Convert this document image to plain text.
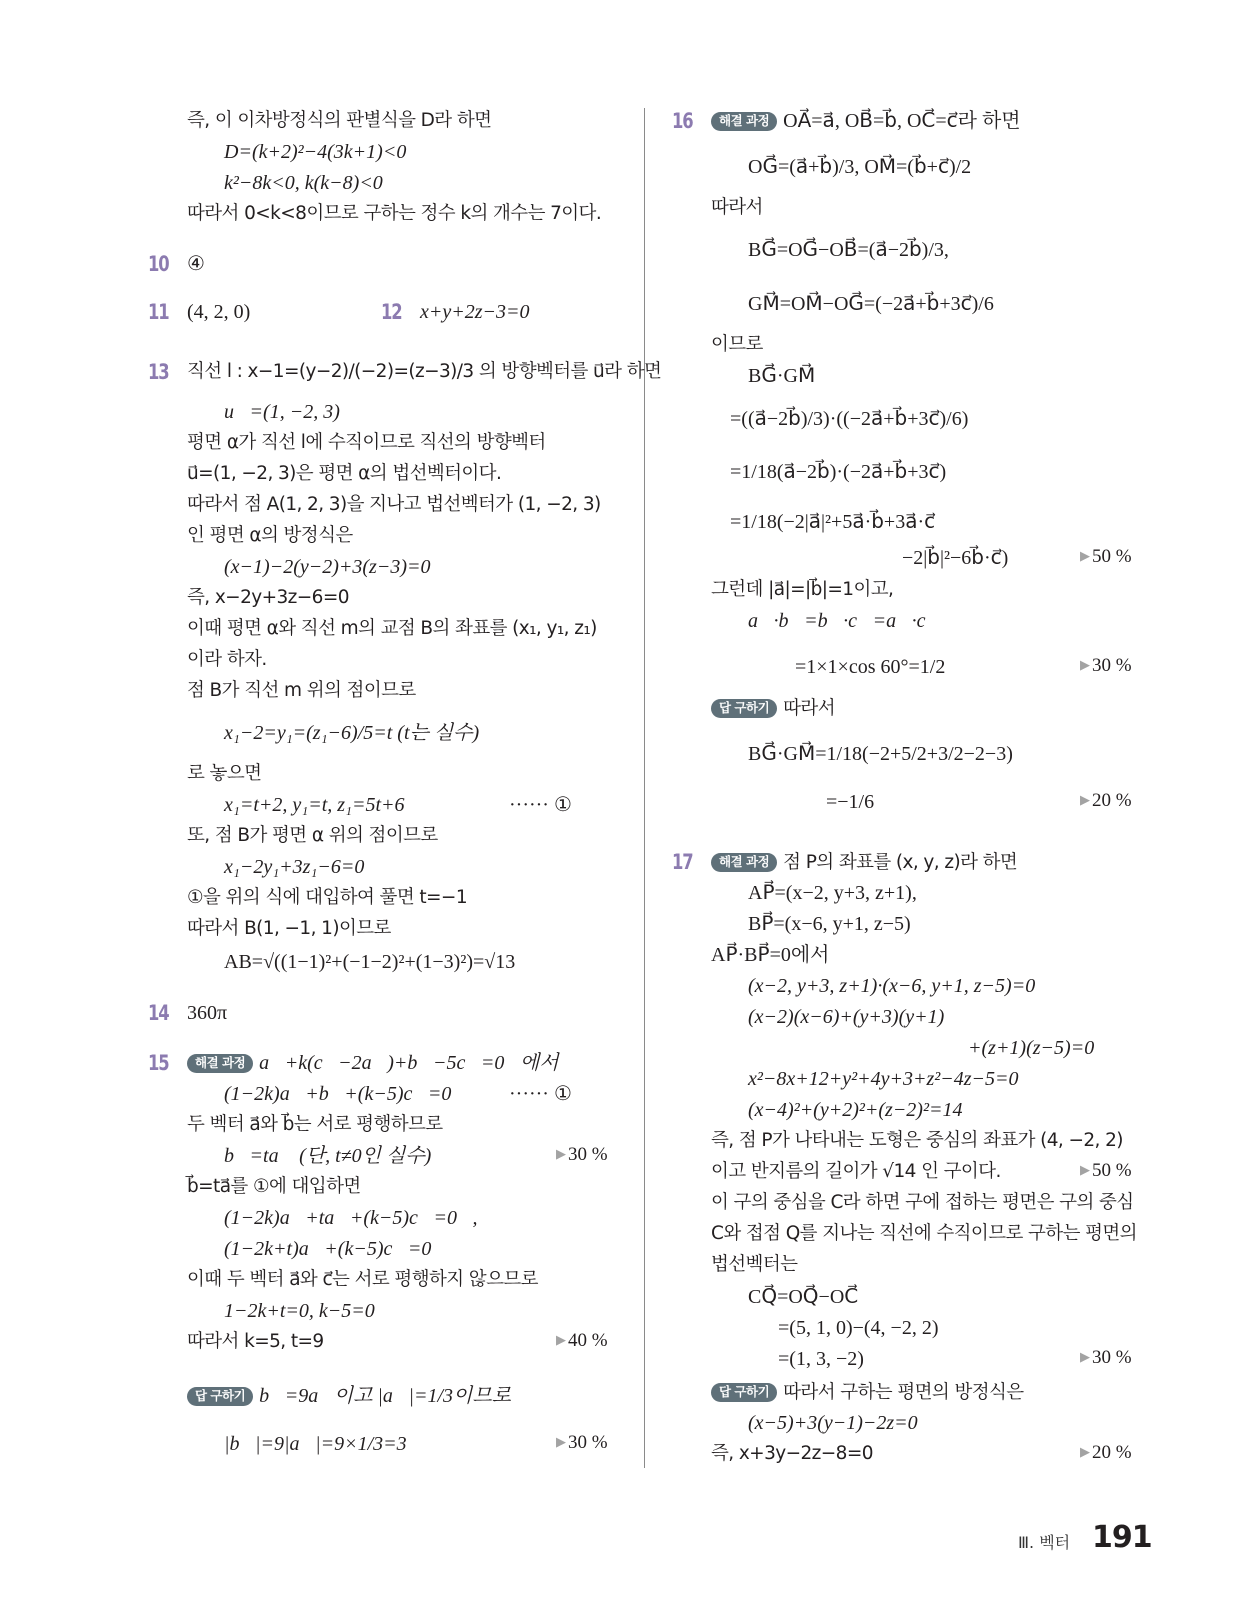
즉, 이 이차방정식의 판별식을 D라 하면
D=(k+2)²−4(3k+1)<0
k²−8k<0, k(k−8)<0
따라서 0<k<8이므로 구하는 정수 k의 개수는 7이다.
10 ④
11 (4, 2, 0)	12 x+y+2z−3=0
13 직선 l : x−1=(y−2)/(−2)=(z−3)/3 의 방향벡터를 u⃗라 하면
u⃗=(1, −2, 3)
평면 α가 직선 l에 수직이므로 직선의 방향벡터
u⃗=(1, −2, 3)은 평면 α의 법선벡터이다.
따라서 점 A(1, 2, 3)을 지나고 법선벡터가 (1, −2, 3)
인 평면 α의 방정식은
(x−1)−2(y−2)+3(z−3)=0
즉, x−2y+3z−6=0
이때 평면 α와 직선 m의 교점 B의 좌표를 (x₁, y₁, z₁)
이라 하자.
점 B가 직선 m 위의 점이므로
x₁−2=y₁=(z₁−6)/5=t (t는 실수)
로 놓으면
x₁=t+2, y₁=t, z₁=5t+6	······ ①
또, 점 B가 평면 α 위의 점이므로
x₁−2y₁+3z₁−6=0
①을 위의 식에 대입하여 풀면 t=−1
따라서 B(1, −1, 1)이므로
AB=√((1−1)²+(−1−2)²+(1−3)²)=√13
14 360π
15	해결 과정 a⃗+k(c⃗−2a⃗)+b⃗−5c⃗=0⃗에서
(1−2k)a⃗+b⃗+(k−5)c⃗=0⃗ ······ ①
두 벡터 a⃗와 b⃗는 서로 평행하므로
b⃗=ta⃗ (단, t≠0인 실수)	▶ 30 %
b⃗=ta⃗를 ①에 대입하면
(1−2k)a⃗+ta⃗+(k−5)c⃗=0⃗,
(1−2k+t)a⃗+(k−5)c⃗=0⃗
이때 두 벡터 a⃗와 c⃗는 서로 평행하지 않으므로
1−2k+t=0, k−5=0
따라서 k=5, t=9	▶ 40 %
답 구하기 b⃗=9a⃗이고 |a⃗|=1/3이므로
|b⃗|=9|a⃗|=9×1/3=3	▶ 30 %
16	해결 과정 OA⃗=a⃗, OB⃗=b⃗, OC⃗=c⃗라 하면
OG⃗=(a⃗+b⃗)/3, OM⃗=(b⃗+c⃗)/2
따라서
BG⃗=OG⃗−OB⃗=(a⃗−2b⃗)/3,
GM⃗=OM⃗−OG⃗=(−2a⃗+b⃗+3c⃗)/6
이므로
BG⃗·GM⃗
=((a⃗−2b⃗)/3)·((−2a⃗+b⃗+3c⃗)/6)
=1/18(a⃗−2b⃗)·(−2a⃗+b⃗+3c⃗)
=1/18(−2|a⃗|²+5a⃗·b⃗+3a⃗·c⃗
−2|b⃗|²−6b⃗·c⃗)	▶ 50 %
그런데 |a⃗|=|b⃗|=1이고,
a⃗·b⃗=b⃗·c⃗=a⃗·c⃗
=1×1×cos 60°=1/2	▶ 30 %
답 구하기 따라서
BG⃗·GM⃗=1/18(−2+5/2+3/2−2−3)
=−1/6	▶ 20 %
17	해결 과정 점 P의 좌표를 (x, y, z)라 하면
AP⃗=(x−2, y+3, z+1),
BP⃗=(x−6, y+1, z−5)
AP⃗·BP⃗=0에서
(x−2, y+3, z+1)·(x−6, y+1, z−5)=0
(x−2)(x−6)+(y+3)(y+1)
+(z+1)(z−5)=0
x²−8x+12+y²+4y+3+z²−4z−5=0
(x−4)²+(y+2)²+(z−2)²=14
즉, 점 P가 나타내는 도형은 중심의 좌표가 (4, −2, 2)
이고 반지름의 길이가 √14 인 구이다.	▶ 50 %
이 구의 중심을 C라 하면 구에 접하는 평면은 구의 중심
C와 접점 Q를 지나는 직선에 수직이므로 구하는 평면의
법선벡터는
CQ⃗=OQ⃗−OC⃗
=(5, 1, 0)−(4, −2, 2)
=(1, 3, −2)	▶ 30 %
답 구하기 따라서 구하는 평면의 방정식은
(x−5)+3(y−1)−2z=0
즉, x+3y−2z−8=0	▶ 20 %
Ⅲ. 벡터 191
